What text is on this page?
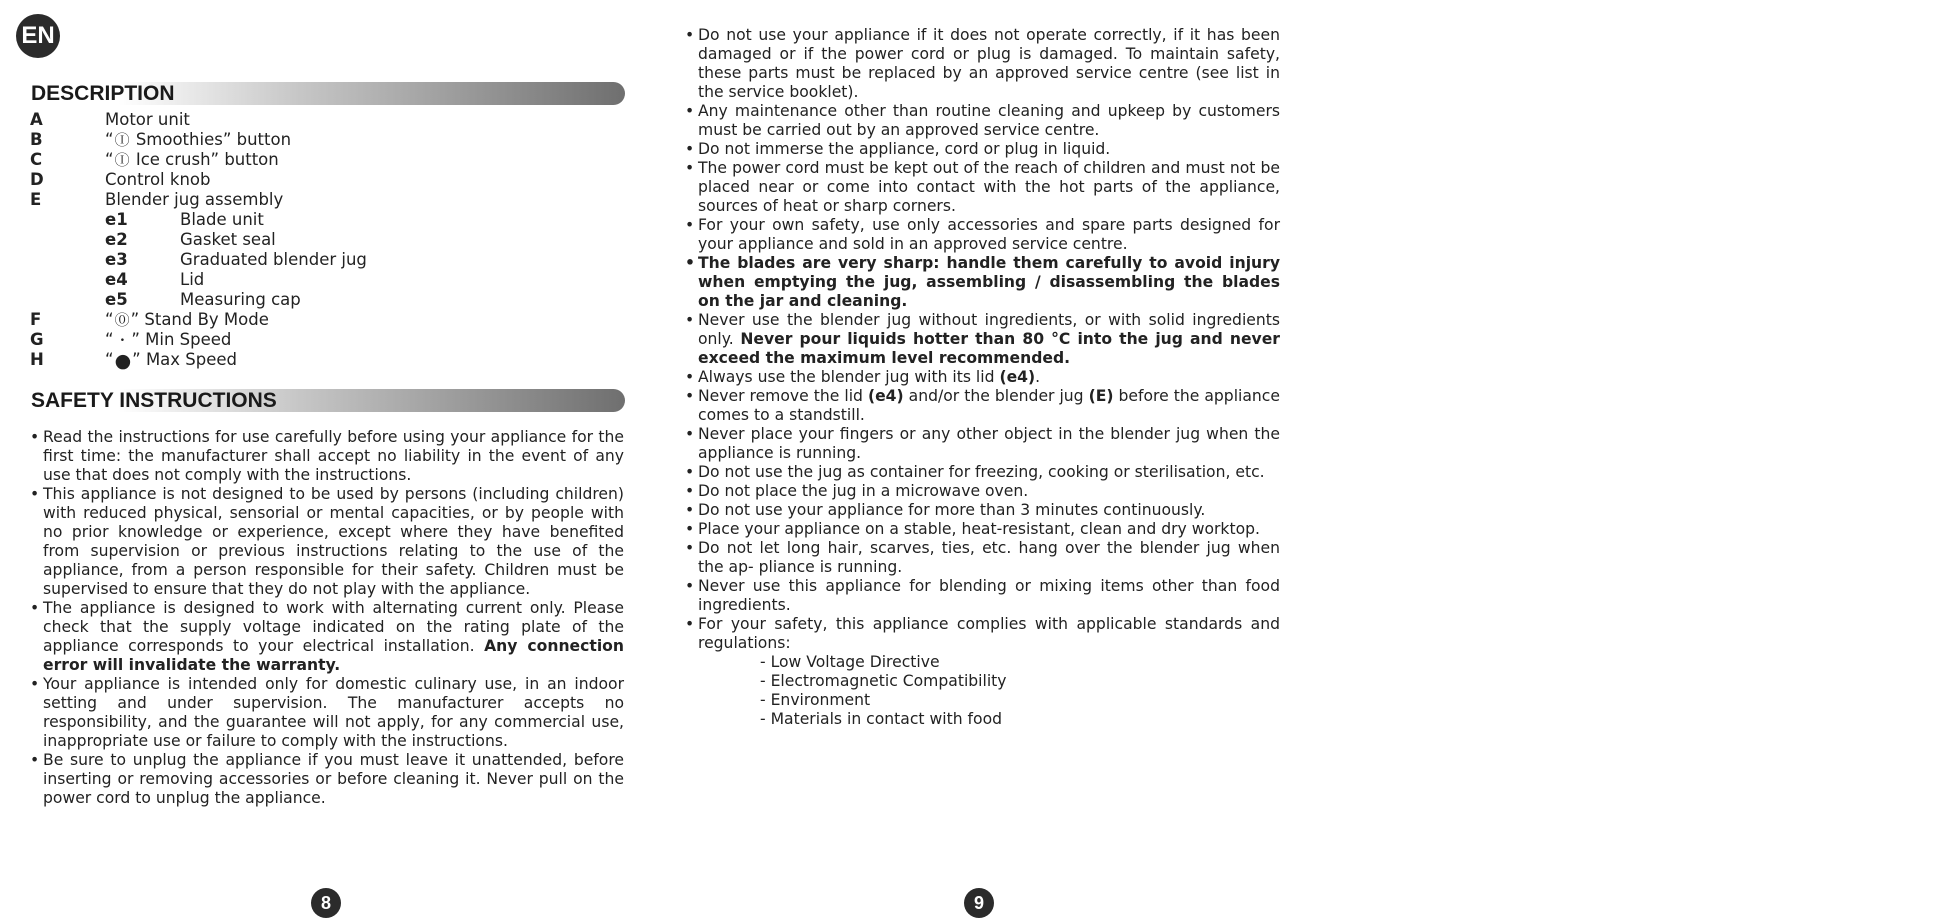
EN
DESCRIPTION
A	Motor unit
B	“Ⓘ Smoothies” button
C	“Ⓘ Ice crush” button
D	Control knob
E	Blender jug assembly
e1	Blade unit
e2	Gasket seal
e3	Graduated blender jug
e4	Lid
e5	Measuring cap
F	“⓪” Stand By Mode
G	“ • ” Min Speed
H	“●” Max Speed
SAFETY INSTRUCTIONS
• Read the instructions for use carefully before using your appliance for the first time: the manufacturer shall accept no liability in the event of any use that does not comply with the instructions.
• This appliance is not designed to be used by persons (including children) with reduced physical, sensorial or mental capacities, or by people with no prior knowledge or experience, except where they have benefited from supervision or previous instructions relating to the use of the appliance, from a person responsible for their safety. Children must be supervised to ensure that they do not play with the appliance.
• The appliance is designed to work with alternating current only. Please check that the supply voltage indicated on the rating plate of the appliance corresponds to your electrical installation. Any connection error will invalidate the warranty.
• Your appliance is intended only for domestic culinary use, in an indoor setting and under supervision. The manufacturer accepts no responsibility, and the guarantee will not apply, for any commercial use, inappropriate use or failure to comply with the instructions.
• Be sure to unplug the appliance if you must leave it unattended, before inserting or removing accessories or before cleaning it. Never pull on the power cord to unplug the appliance.
• Do not use your appliance if it does not operate correctly, if it has been damaged or if the power cord or plug is damaged. To maintain safety, these parts must be replaced by an approved service centre (see list in the service booklet).
• Any maintenance other than routine cleaning and upkeep by customers must be carried out by an approved service centre.
• Do not immerse the appliance, cord or plug in liquid.
• The power cord must be kept out of the reach of children and must not be placed near or come into contact with the hot parts of the appliance, sources of heat or sharp corners.
• For your own safety, use only accessories and spare parts designed for your appliance and sold in an approved service centre.
• The blades are very sharp: handle them carefully to avoid injury when emptying the jug, assembling / disassembling the blades on the jar and cleaning.
• Never use the blender jug without ingredients, or with solid ingredients only. Never pour liquids hotter than 80 °C into the jug and never exceed the maximum level recommended.
• Always use the blender jug with its lid (e4).
• Never remove the lid (e4) and/or the blender jug (E) before the appliance comes to a standstill.
• Never place your fingers or any other object in the blender jug when the appliance is running.
• Do not use the jug as container for freezing, cooking or sterilisation, etc.
• Do not place the jug in a microwave oven.
• Do not use your appliance for more than 3 minutes continuously.
• Place your appliance on a stable, heat-resistant, clean and dry worktop.
• Do not let long hair, scarves, ties, etc. hang over the blender jug when the ap- pliance is running.
• Never use this appliance for blending or mixing items other than food ingredients.
• For your safety, this appliance complies with applicable standards and regulations:
- Low Voltage Directive
- Electromagnetic Compatibility
- Environment
- Materials in contact with food
8	9
